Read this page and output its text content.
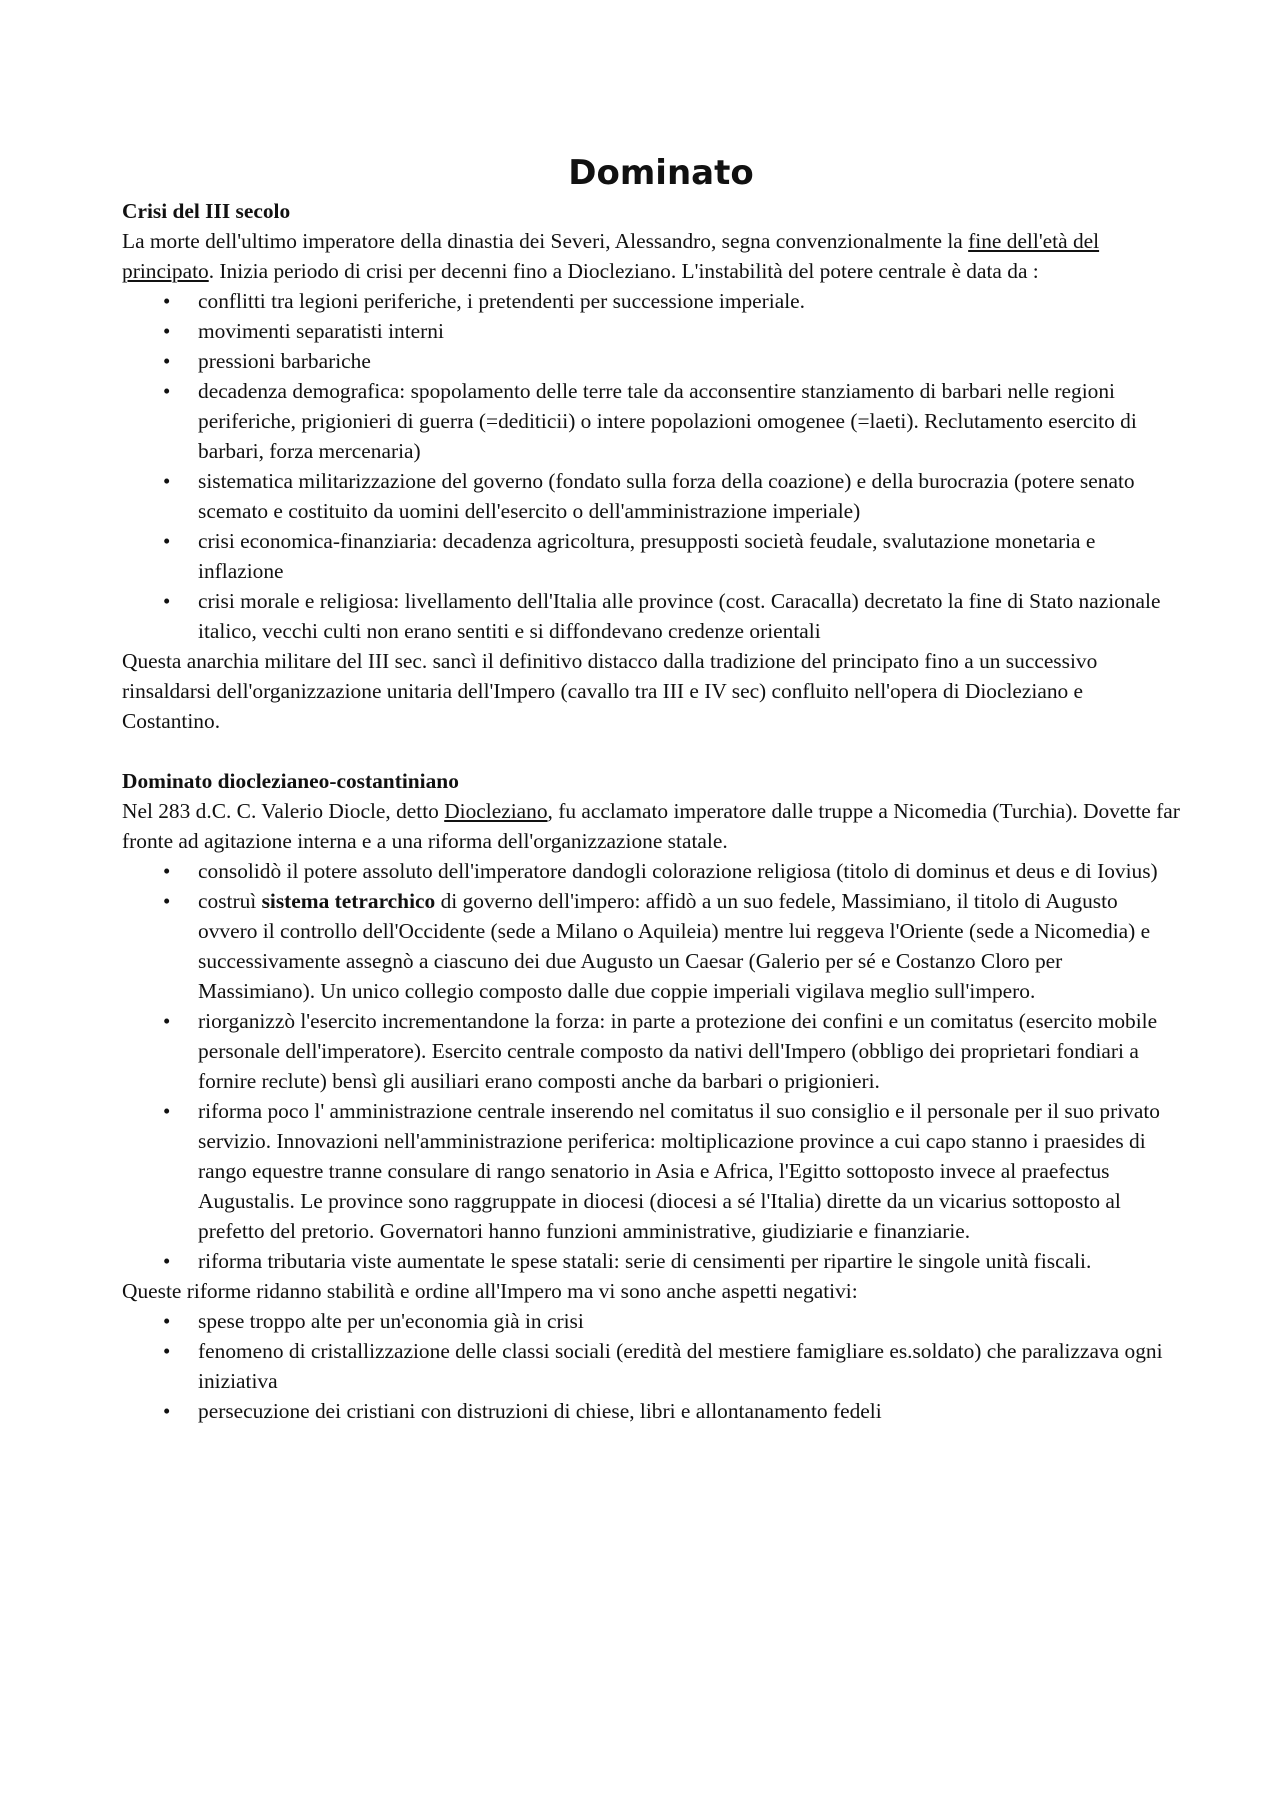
Dominato

Crisi del III secolo

La morte dell'ultimo imperatore della dinastia dei Severi, Alessandro, segna convenzionalmente la fine dell'età del principato. Inizia periodo di crisi per decenni fino a Diocleziano. L'instabilità del potere centrale è data da :

• conflitti tra legioni periferiche, i pretendenti per successione imperiale.
• movimenti separatisti interni
• pressioni barbariche
• decadenza demografica: spopolamento delle terre tale da acconsentire stanziamento di barbari nelle regioni periferiche, prigionieri di guerra (=dediticii) o intere popolazioni omogenee (=laeti). Reclutamento esercito di barbari, forza mercenaria)
• sistematica militarizzazione del governo (fondato sulla forza della coazione) e della burocrazia (potere senato scemato e costituito da uomini dell'esercito o dell'amministrazione imperiale)
• crisi economica-finanziaria: decadenza agricoltura, presupposti società feudale, svalutazione monetaria e inflazione
• crisi morale e religiosa: livellamento dell'Italia alle province (cost. Caracalla) decretato la fine di Stato nazionale italico, vecchi culti non erano sentiti e si diffondevano credenze orientali

Questa anarchia militare del III sec. sancì il definitivo distacco dalla tradizione del principato fino a un successivo rinsaldarsi dell'organizzazione unitaria dell'Impero (cavallo tra III e IV sec) confluito nell'opera di Diocleziano e Costantino.

Dominato dioclezianeo-costantiniano

Nel 283 d.C. C. Valerio Diocle, detto Diocleziano, fu acclamato imperatore dalle truppe a Nicomedia (Turchia). Dovette far fronte ad agitazione interna e a una riforma dell'organizzazione statale.

• consolidò il potere assoluto dell'imperatore dandogli colorazione religiosa (titolo di dominus et deus e di Iovius)
• costruì sistema tetrarchico di governo dell'impero: affidò a un suo fedele, Massimiano, il titolo di Augusto ovvero il controllo dell'Occidente (sede a Milano o Aquileia) mentre lui reggeva l'Oriente (sede a Nicomedia) e successivamente assegnò a ciascuno dei due Augusto un Caesar (Galerio per sé e Costanzo Cloro per Massimiano). Un unico collegio composto dalle due coppie imperiali vigilava meglio sull'impero.
• riorganizzò l'esercito incrementandone la forza: in parte a protezione dei confini e un comitatus (esercito mobile personale dell'imperatore). Esercito centrale composto da nativi dell'Impero (obbligo dei proprietari fondiari a fornire reclute) bensì gli ausiliari erano composti anche da barbari o prigionieri.
• riforma poco l' amministrazione centrale inserendo nel comitatus il suo consiglio e il personale per il suo privato servizio. Innovazioni nell'amministrazione periferica: moltiplicazione province a cui capo stanno i praesides di rango equestre tranne consulare di rango senatorio in Asia e Africa, l'Egitto sottoposto invece al praefectus Augustalis. Le province sono raggruppate in diocesi (diocesi a sé l'Italia) dirette da un vicarius sottoposto al prefetto del pretorio. Governatori hanno funzioni amministrative, giudiziarie e finanziarie.
• riforma tributaria viste aumentate le spese statali: serie di censimenti per ripartire le singole unità fiscali.

Queste riforme ridanno stabilità e ordine all'Impero ma vi sono anche aspetti negativi:

• spese troppo alte per un'economia già in crisi
• fenomeno di cristallizzazione delle classi sociali (eredità del mestiere famigliare es.soldato) che paralizzava ogni iniziativa
• persecuzione dei cristiani con distruzioni di chiese, libri e allontanamento fedeli
